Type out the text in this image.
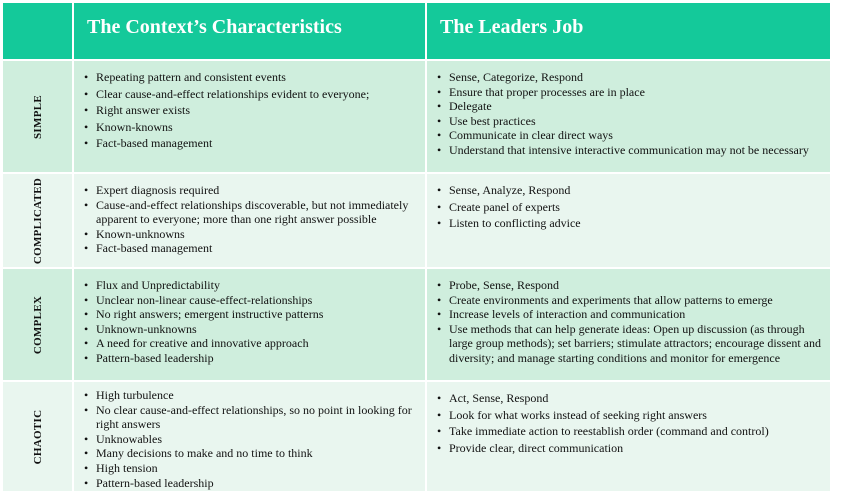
The Context’s Characteristics	The Leaders Job
SIMPLE
• Repeating pattern and consistent events
• Clear cause-and-effect relationships evident to everyone;
• Right answer exists
• Known-knowns
• Fact-based management
• Sense, Categorize, Respond
• Ensure that proper processes are in place
• Delegate
• Use best practices
• Communicate in clear direct ways
• Understand that intensive interactive communication may not be necessary
COMPLICATED
•	Expert diagnosis required
• Cause-and-effect relationships discoverable, but not immediately apparent to everyone; more than one right answer possible
• Known-unknowns
• Fact-based management
• Sense, Analyze, Respond
• Create panel of experts
• Listen to conflicting advice
COMPLEX
• Flux and Unpredictability
• Unclear non-linear cause-effect-relationships
• No right answers; emergent instructive patterns
• Unknown-unknowns
• A need for creative and innovative approach
• Pattern-based leadership
• Probe, Sense, Respond
• Create environments and experiments that allow patterns to emerge
• Increase levels of interaction and communication
• Use methods that can help generate ideas: Open up discussion (as through large group methods); set barriers; stimulate attractors; encourage dissent and diversity; and manage starting conditions and monitor for emergence
CHAOTIC
• High turbulence
• No clear cause-and-effect relationships, so no point in looking for right answers
• Unknowables
• Many decisions to make and no time to think
• High tension
• Pattern-based leadership
• Act, Sense, Respond
• Look for what works instead of seeking right answers
• Take immediate action to reestablish order (command and control)
• Provide clear, direct communication
